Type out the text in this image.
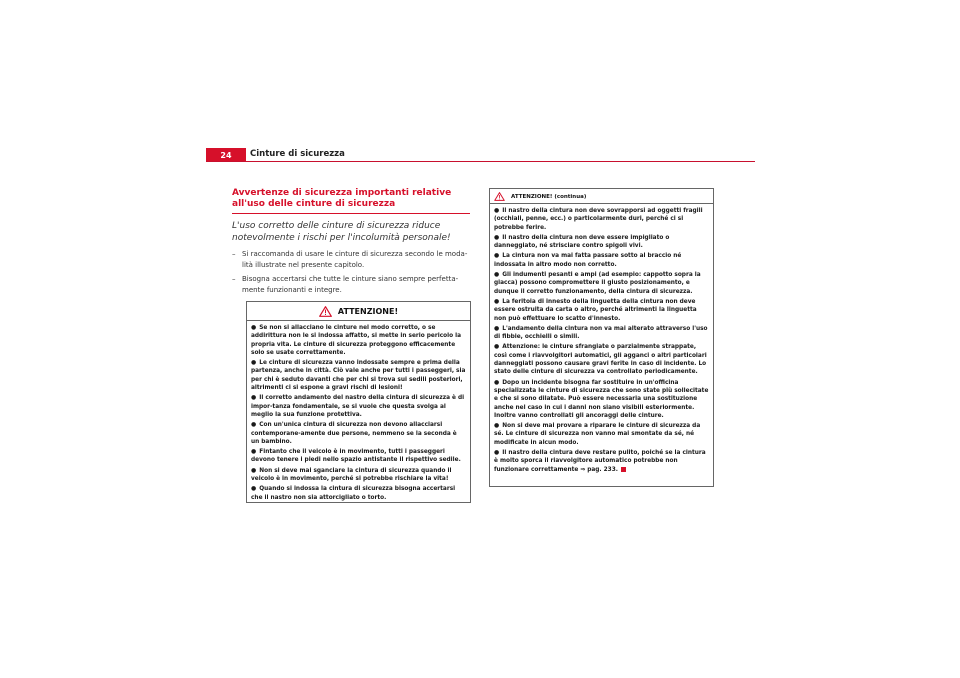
24 Cinture di sicurezza
Avvertenze di sicurezza importanti relative all'uso delle cinture di sicurezza

L'uso corretto delle cinture di sicurezza riduce notevolmente i rischi per l'incolumità personale!

– Si raccomanda di usare le cinture di sicurezza secondo le moda-lità illustrate nel presente capitolo.
– Bisogna accertarsi che tutte le cinture siano sempre perfetta-mente funzionanti e integre.
ATTENZIONE!

● Se non si allacciano le cinture nel modo corretto, o se addirittura non le si indossa affatto, si mette in serio pericolo la propria vita. Le cinture di sicurezza proteggono efficacemente solo se usate correttamente.

● Le cinture di sicurezza vanno indossate sempre e prima della partenza, anche in città. Ciò vale anche per tutti i passeggeri, sia per chi è seduto davanti che per chi si trova sui sedili posteriori, altrimenti ci si espone a gravi rischi di lesioni!

● Il corretto andamento del nastro della cintura di sicurezza è di impor-tanza fondamentale, se si vuole che questa svolga al meglio la sua funzione protettiva.

● Con un'unica cintura di sicurezza non devono allacciarsi contemporane-amente due persone, nemmeno se la seconda è un bambino.

● Fintanto che il veicolo è in movimento, tutti i passeggeri devono tenere i piedi nello spazio antistante il rispettivo sedile.

● Non si deve mai sganciare la cintura di sicurezza quando il veicolo è in movimento, perché si potrebbe rischiare la vita!

● Quando si indossa la cintura di sicurezza bisogna accertarsi che il nastro non sia attorcigliato o torto.

ATTENZIONE! (continua)

● Il nastro della cintura non deve sovrapporsi ad oggetti fragili (occhiali, penne, ecc.) o particolarmente duri, perché ci si potrebbe ferire.

● Il nastro della cintura non deve essere impigliato o danneggiato, né strisciare contro spigoli vivi.

● La cintura non va mai fatta passare sotto al braccio né indossata in altro modo non corretto.

● Gli indumenti pesanti e ampi (ad esempio: cappotto sopra la giacca) possono compromettere il giusto posizionamento, e dunque il corretto funzionamento, della cintura di sicurezza.

● La feritoia di innesto della linguetta della cintura non deve essere ostruita da carta o altro, perché altrimenti la linguetta non può effettuare lo scatto d'innesto.

● L'andamento della cintura non va mai alterato attraverso l'uso di fibbie, occhielli o simili.

● Attenzione: le cinture sfrangiate o parzialmente strappate, così come i riavvolgitori automatici, gli agganci o altri particolari danneggiati possono causare gravi ferite in caso di incidente. Lo stato delle cinture di sicurezza va controllato periodicamente.

● Dopo un incidente bisogna far sostituire in un'officina specializzata le cinture di sicurezza che sono state più sollecitate e che si sono dilatate. Può essere necessaria una sostituzione anche nel caso in cui i danni non siano visibili esteriormente. Inoltre vanno controllati gli ancoraggi delle cinture.

● Non si deve mai provare a riparare le cinture di sicurezza da sé. Le cinture di sicurezza non vanno mai smontate da sé, né modificate in alcun modo.

● Il nastro della cintura deve restare pulito, poiché se la cintura è molto sporca il riavvolgitore automatico potrebbe non funzionare correttamente ⇒ pag. 233.
